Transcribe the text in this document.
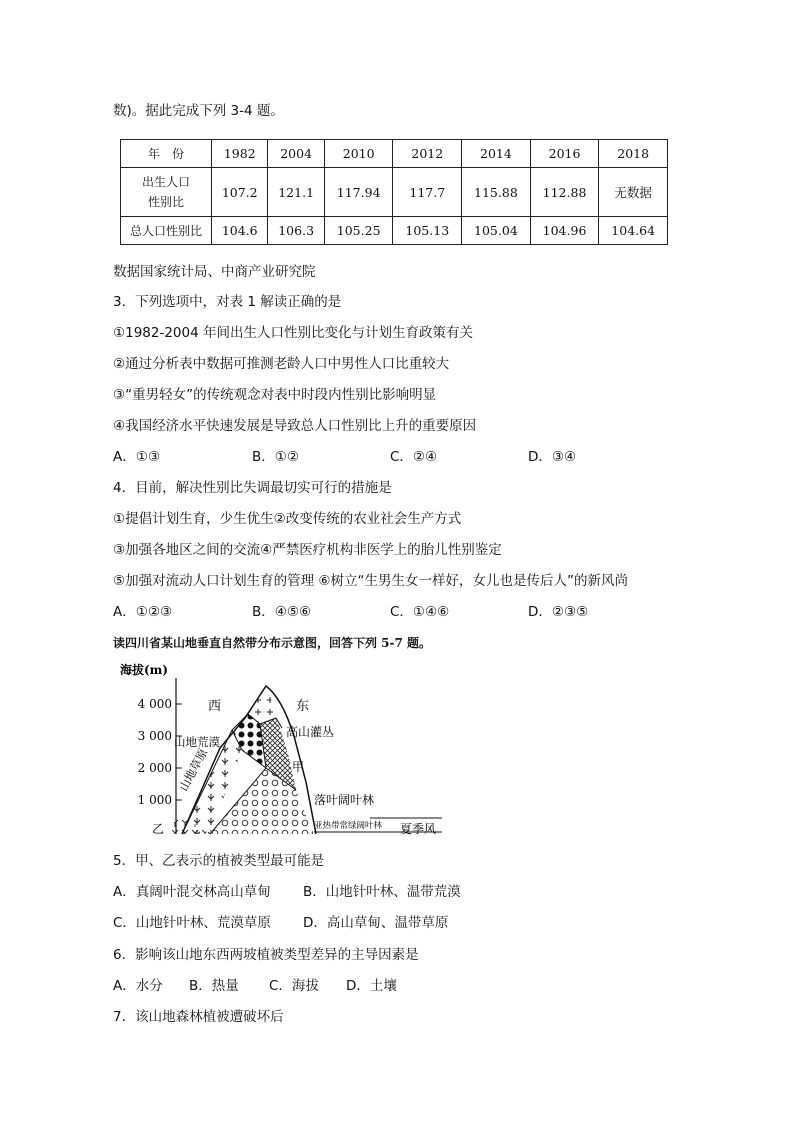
数)。据此完成下列 3-4 题。
年　份	1982	2004	2010	2012	2014	2016	2018

出生人口
性别比	107.2	121.1	117.94	117.7	115.88	112.88	无数据
总人口性别比	104.6	106.3	105.25	105.13	105.04	104.96	104.64
数据国家统计局、中商产业研究院
3．下列选项中，对表 1 解读正确的是
①1982-2004 年间出生人口性别比变化与计划生育政策有关
②通过分析表中数据可推测老龄人口中男性人口比重较大
③“重男轻女”的传统观念对表中时段内性别比影响明显
④我国经济水平快速发展是导致总人口性别比上升的重要原因
A．①③	B．①②	C．②④	D．③④
4．目前，解决性别比失调最切实可行的措施是
①提倡计划生育，少生优生②改变传统的农业社会生产方式
③加强各地区之间的交流④严禁医疗机构非医学上的胎儿性别鉴定
⑤加强对流动人口计划生育的管理 ⑥树立“生男生女一样好，女儿也是传后人”的新风尚
A．①②③	B．④⑤⑥	C．①④⑥	D．②③⑤
读四川省某山地垂直自然带分布示意图，回答下列 5-7 题。
海拔(m)
4 000
3 000
2 000
1 000
西	东
山地荒漠
山地草原
高山灌丛
甲
落叶阔叶林
乙	亚热带常绿阔叶林 夏季风
5．甲、乙表示的植被类型最可能是
A．真阔叶混交林高山草甸 B．山地针叶林、温带荒漠
C．山地针叶林、荒漠草原 D．高山草甸、温带草原
6．影响该山地东西两坡植被类型差异的主导因素是
A．水分 B．热量 C．海拔 D．土壤
7．该山地森林植被遭破坏后
